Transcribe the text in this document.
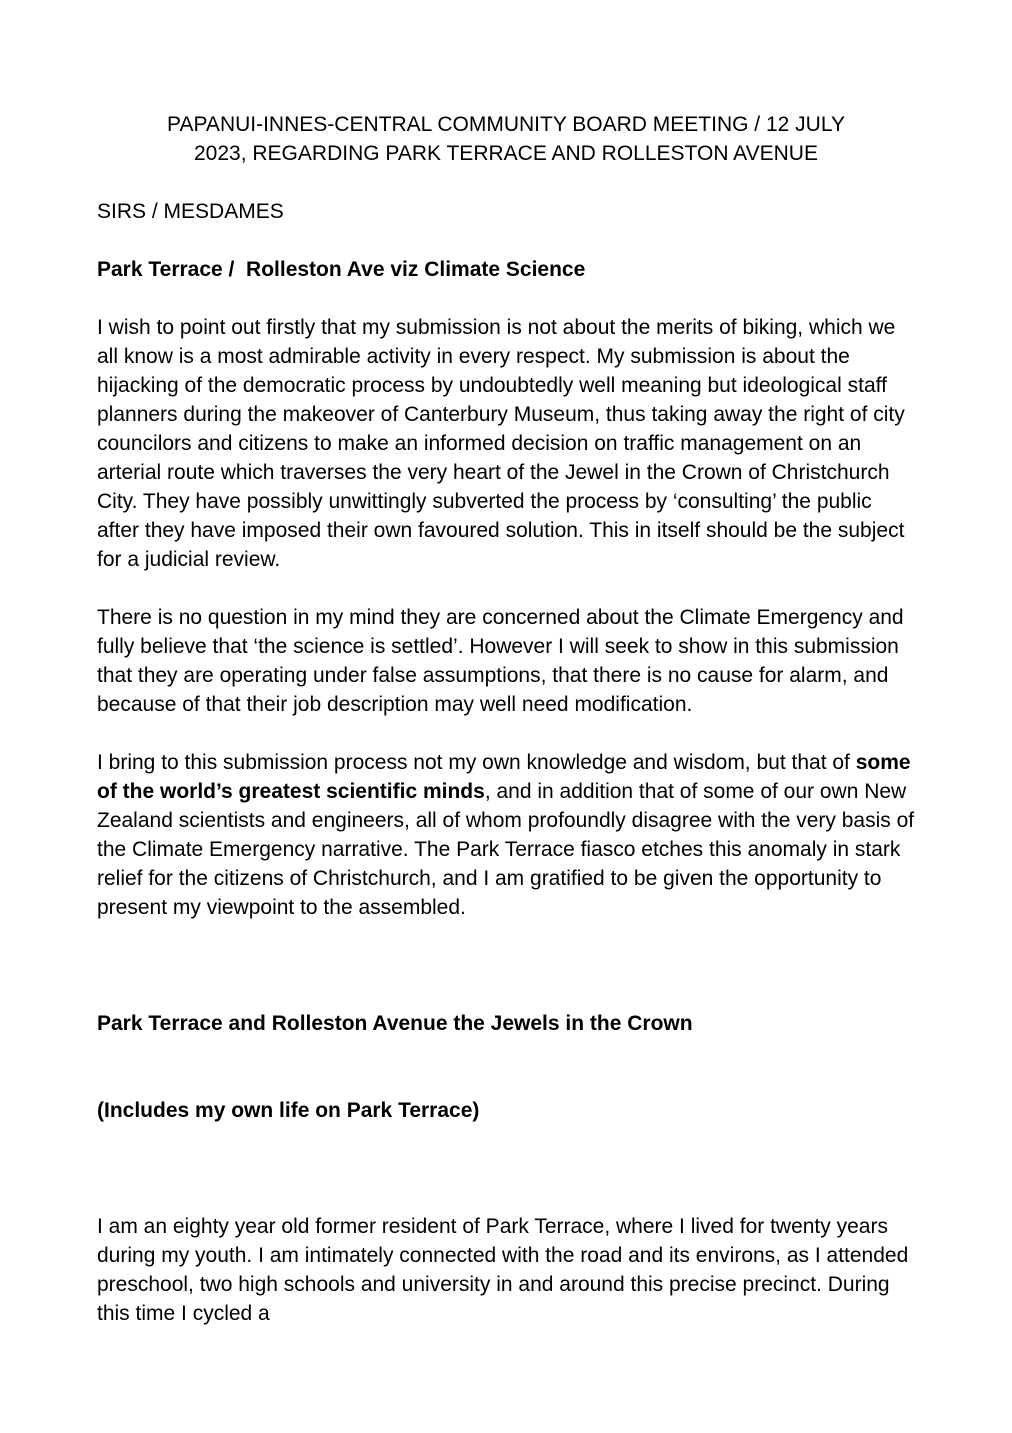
PAPANUI-INNES-CENTRAL COMMUNITY BOARD MEETING / 12 JULY
2023, REGARDING PARK TERRACE AND ROLLESTON AVENUE

SIRS / MESDAMES

Park Terrace /  Rolleston Ave viz Climate Science

I wish to point out firstly that my submission is not about the merits of biking, which we all know is a most admirable activity in every respect. My submission is about the hijacking of the democratic process by undoubtedly well meaning but ideological staff planners during the makeover of Canterbury Museum, thus taking away the right of city councilors and citizens to make an informed decision on traffic management on an arterial route which traverses the very heart of the Jewel in the Crown of Christchurch City. They have possibly unwittingly subverted the process by ‘consulting’ the public after they have imposed their own favoured solution. This in itself should be the subject for a judicial review.

There is no question in my mind they are concerned about the Climate Emergency and fully believe that ‘the science is settled’. However I will seek to show in this submission that they are operating under false assumptions, that there is no cause for alarm, and because of that their job description may well need modification.

I bring to this submission process not my own knowledge and wisdom, but that of some of the world’s greatest scientific minds, and in addition that of some of our own New Zealand scientists and engineers, all of whom profoundly disagree with the very basis of the Climate Emergency narrative. The Park Terrace fiasco etches this anomaly in stark relief for the citizens of Christchurch, and I am gratified to be given the opportunity to present my viewpoint to the assembled.

Park Terrace and Rolleston Avenue the Jewels in the Crown

(Includes my own life on Park Terrace)

I am an eighty year old former resident of Park Terrace, where I lived for twenty years during my youth. I am intimately connected with the road and its environs, as I attended preschool, two high schools and university in and around this precise precinct. During this time I cycled a
